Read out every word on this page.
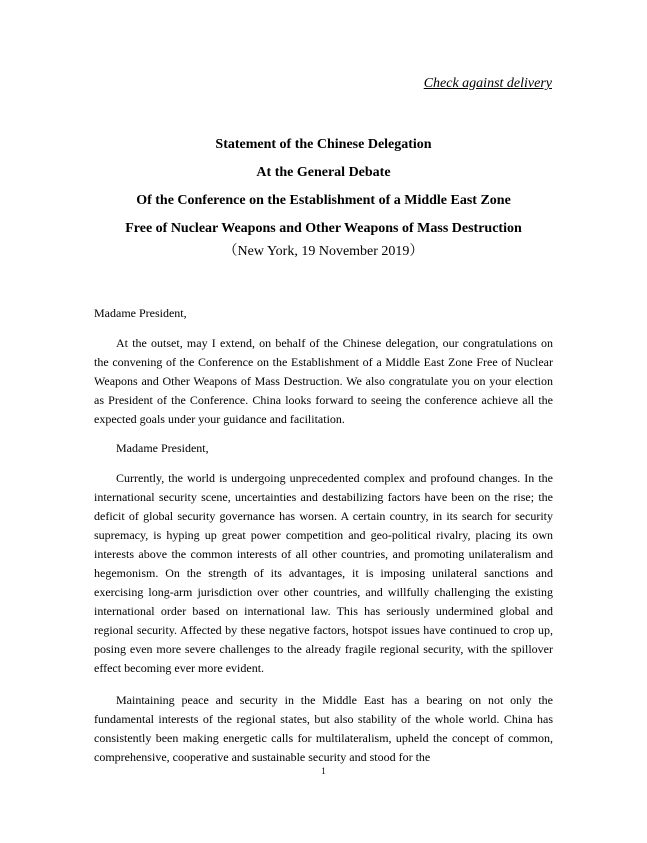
Check against delivery
Statement of the Chinese Delegation
At the General Debate
Of the Conference on the Establishment of a Middle East Zone
Free of Nuclear Weapons and Other Weapons of Mass Destruction
（New York, 19 November 2019）

Madame President,

At the outset, may I extend, on behalf of the Chinese delegation, our congratulations on the convening of the Conference on the Establishment of a Middle East Zone Free of Nuclear Weapons and Other Weapons of Mass Destruction. We also congratulate you on your election as President of the Conference. China looks forward to seeing the conference achieve all the expected goals under your guidance and facilitation.

Madame President,

Currently, the world is undergoing unprecedented complex and profound changes. In the international security scene, uncertainties and destabilizing factors have been on the rise; the deficit of global security governance has worsen. A certain country, in its search for security supremacy, is hyping up great power competition and geo-political rivalry, placing its own interests above the common interests of all other countries, and promoting unilateralism and hegemonism. On the strength of its advantages, it is imposing unilateral sanctions and exercising long-arm jurisdiction over other countries, and willfully challenging the existing international order based on international law. This has seriously undermined global and regional security. Affected by these negative factors, hotspot issues have continued to crop up, posing even more severe challenges to the already fragile regional security, with the spillover effect becoming ever more evident.

Maintaining peace and security in the Middle East has a bearing on not only the fundamental interests of the regional states, but also stability of the whole world. China has consistently been making energetic calls for multilateralism, upheld the concept of common, comprehensive, cooperative and sustainable security and stood for the

1
